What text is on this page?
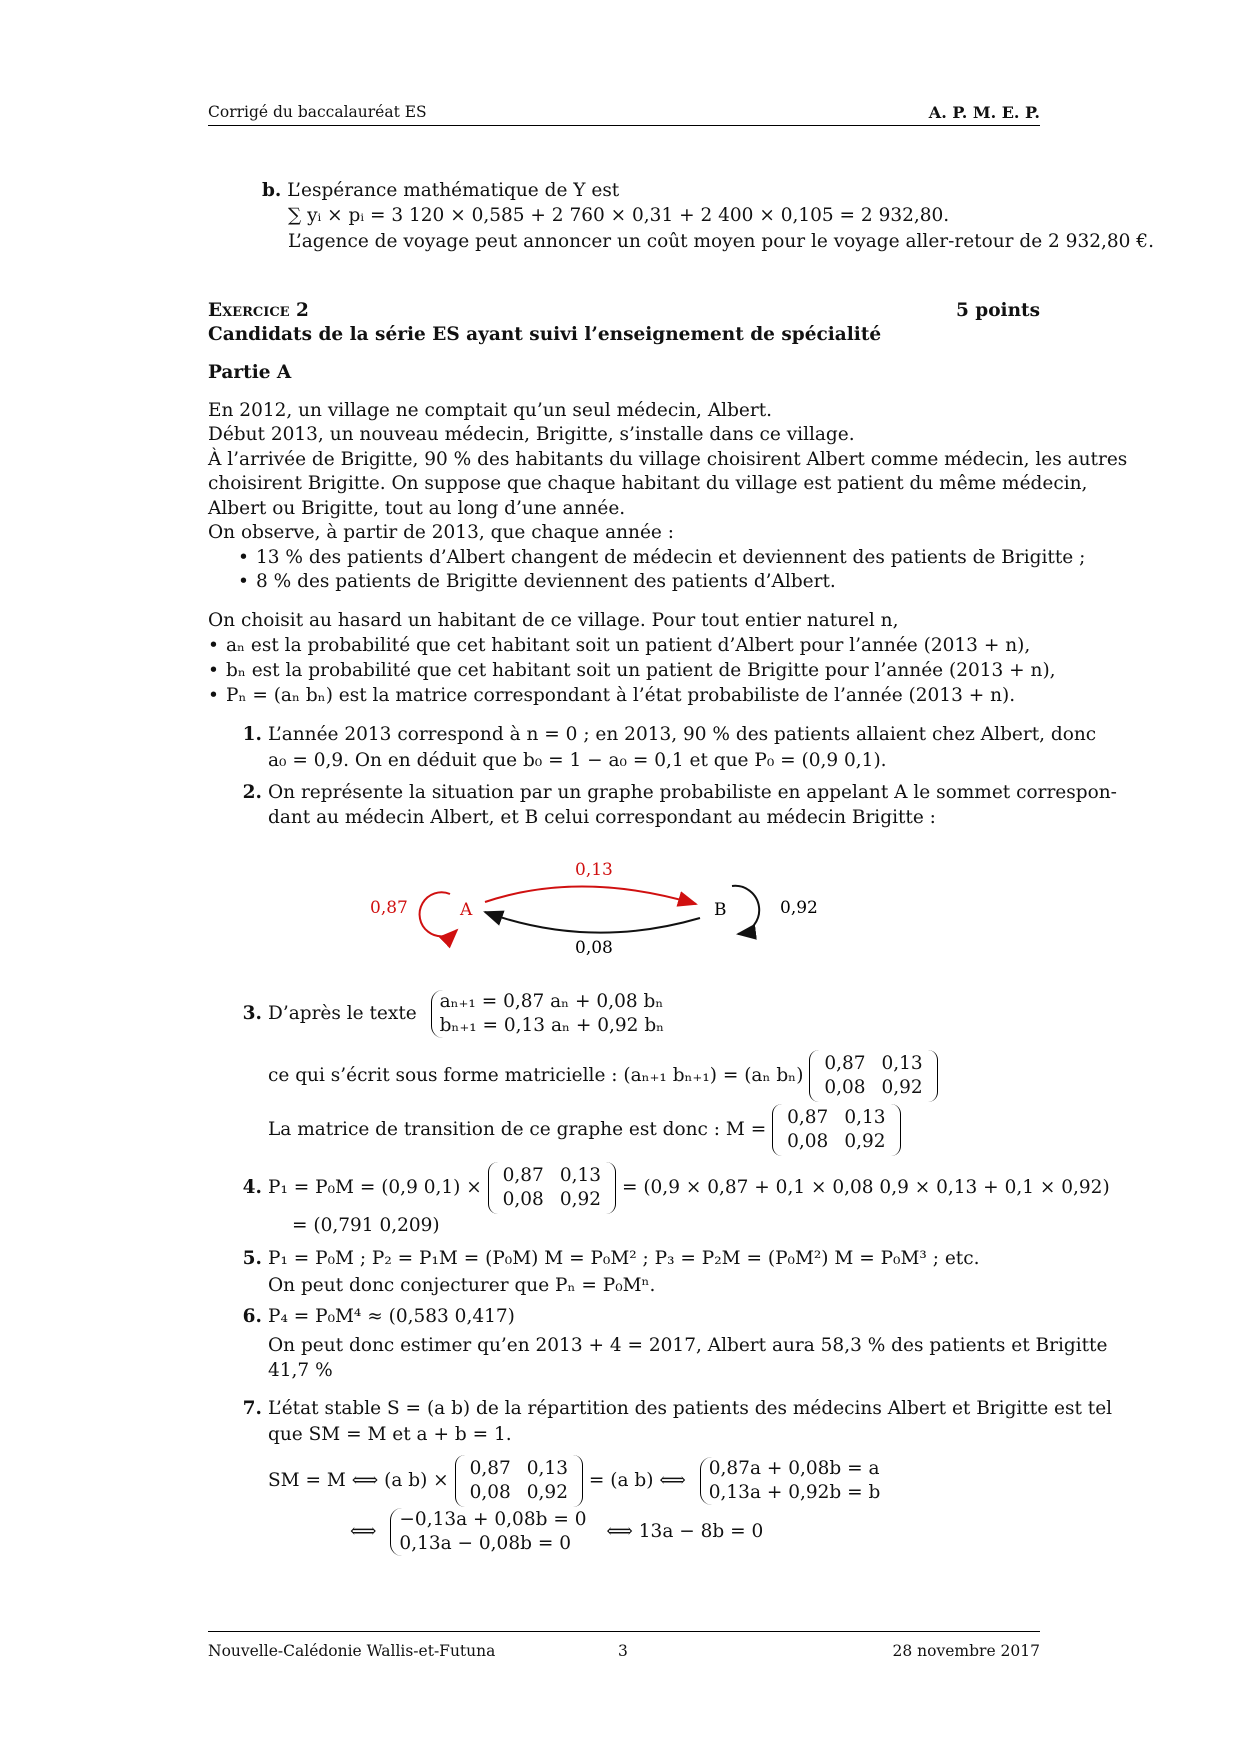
Corrigé du baccalauréat ES	A. P. M. E. P.
b. L’espérance mathématique de Y est
∑ yᵢ × pᵢ = 3 120 × 0,585 + 2 760 × 0,31 + 2 400 × 0,105 = 2 932,80.
L’agence de voyage peut annoncer un coût moyen pour le voyage aller-retour de 2 932,80 €.
Exercice 2	5 points
Candidats de la série ES ayant suivi l’enseignement de spécialité
Partie A
En 2012, un village ne comptait qu’un seul médecin, Albert.
Début 2013, un nouveau médecin, Brigitte, s’installe dans ce village.
À l’arrivée de Brigitte, 90 % des habitants du village choisirent Albert comme médecin, les autres
choisirent Brigitte. On suppose que chaque habitant du village est patient du même médecin,
Albert ou Brigitte, tout au long d’une année.
On observe, à partir de 2013, que chaque année :
• 13 % des patients d’Albert changent de médecin et deviennent des patients de Brigitte ;
• 8 % des patients de Brigitte deviennent des patients d’Albert.
On choisit au hasard un habitant de ce village. Pour tout entier naturel n,
• aₙ est la probabilité que cet habitant soit un patient d’Albert pour l’année (2013 + n),
• bₙ est la probabilité que cet habitant soit un patient de Brigitte pour l’année (2013 + n),
• Pₙ = (aₙ bₙ) est la matrice correspondant à l’état probabiliste de l’année (2013 + n).
1. L’année 2013 correspond à n = 0 ; en 2013, 90 % des patients allaient chez Albert, donc
a₀ = 0,9. On en déduit que b₀ = 1 − a₀ = 0,1 et que P₀ = (0,9 0,1).
2. On représente la situation par un graphe probabiliste en appelant A le sommet correspon-
dant au médecin Albert, et B celui correspondant au médecin Brigitte :
0,13
0,87	A	B	0,92
0,08
3. D’après le texte
aₙ₊₁ = 0,87 aₙ + 0,08 bₙ
bₙ₊₁ = 0,13 aₙ + 0,92 bₙ
ce qui s’écrit sous forme matricielle : (aₙ₊₁ bₙ₊₁) = (aₙ bₙ)
0,87	0,13
0,08	0,92
La matrice de transition de ce graphe est donc : M =
0,87	0,13
0,08	0,92
4. P₁ = P₀M = (0,9 0,1) ×
0,87	0,13
0,08	0,92
= (0,9 × 0,87 + 0,1 × 0,08 0,9 × 0,13 + 0,1 × 0,92)
= (0,791 0,209)
5. P₁ = P₀M ; P₂ = P₁M = (P₀M) M = P₀M² ; P₃ = P₂M = (P₀M²) M = P₀M³ ; etc.
On peut donc conjecturer que Pₙ = P₀Mⁿ.
6. P₄ = P₀M⁴ ≈ (0,583 0,417)
On peut donc estimer qu’en 2013 + 4 = 2017, Albert aura 58,3 % des patients et Brigitte
41,7 %
7. L’état stable S = (a b) de la répartition des patients des médecins Albert et Brigitte est tel
que SM = M et a + b = 1.
SM = M ⟺ (a b) ×
0,87	0,13
0,08	0,92
= (a b) ⟺
0,87a + 0,08b = a
0,13a + 0,92b = b
⟺
−0,13a + 0,08b = 0
0,13a − 0,08b = 0
⟺ 13a − 8b = 0
Nouvelle-Calédonie Wallis-et-Futuna	3	28 novembre 2017
